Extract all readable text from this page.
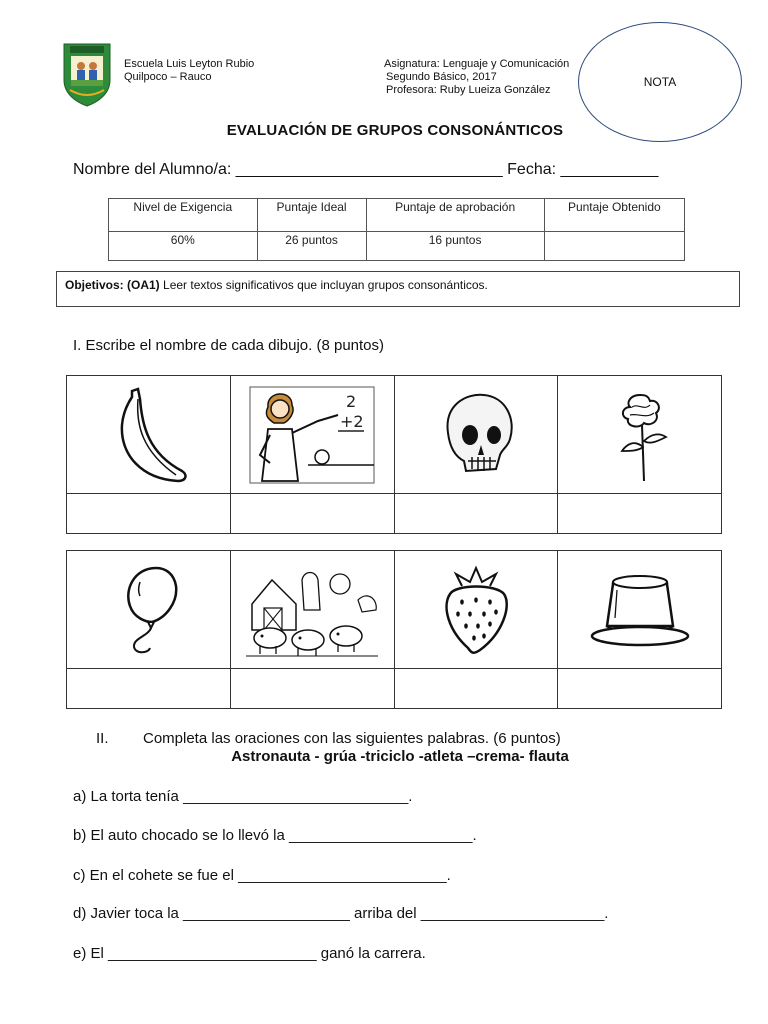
Escuela Luis Leyton Rubio
Quilpoco – Rauco
Asignatura: Lenguaje y Comunicación
Segundo Básico, 2017
Profesora: Ruby Lueiza González
NOTA
EVALUACIÓN DE GRUPOS CONSONÁNTICOS
Nombre del Alumno/a: ______________________________ Fecha: ___________
Nivel de Exigencia	Puntaje Ideal	Puntaje de aprobación	Puntaje Obtenido
60%	26 puntos	16 puntos	
Objetivos: (OA1) Leer textos significativos que incluyan grupos consonánticos.
I. Escribe el nombre de cada dibujo. (8 puntos)

2
+2

II. Completa las oraciones con las siguientes palabras. (6 puntos)
Astronauta - grúa -triciclo -atleta –crema- flauta
a) La torta tenía ___________________________.
b) El auto chocado se lo llevó la ______________________.
c) En el cohete se fue el _________________________.
d) Javier toca la ____________________ arriba del ______________________.
e) El _________________________ ganó la carrera.
